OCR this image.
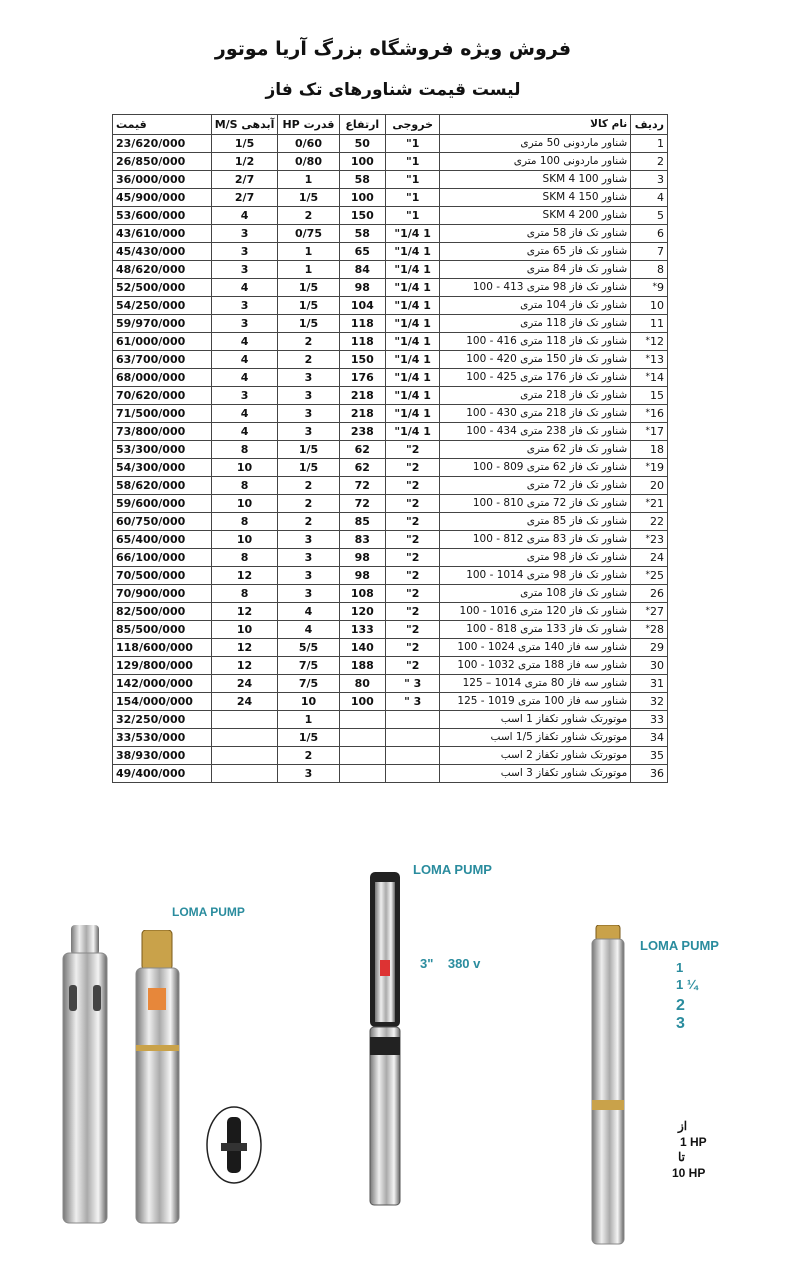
فروش ویژه فروشگاه بزرگ آریا موتور
لیست قیمت شناورهای تک فاز
ردیف	نام کالا	خروجی	ارتفاع	قدرت HP	آبدهی M/S	قیمت
1	شناور ماردونی 50 متری	1"	50	0/60	1/5	23/620/000
2	شناور ماردونی 100 متری	1"	100	0/80	1/2	26/850/000
3	شناور 100 4 SKM	1"	58	1	2/7	36/000/000
4	شناور 150 4 SKM	1"	100	1/5	2/7	45/900/000
5	شناور 200 4 SKM	1"	150	2	4	53/600/000
6	شناور تک فاز 58 متری	1 1/4"	58	0/75	3	43/610/000
7	شناور تک فاز 65 متری	1 1/4"	65	1	3	45/430/000
8	شناور تک فاز 84 متری	1 1/4"	84	1	3	48/620/000
9*	شناور تک فاز 98 متری 413 - 100	1 1/4"	98	1/5	4	52/500/000
10	شناور تک فاز 104 متری	1 1/4"	104	1/5	3	54/250/000
11	شناور تک فاز 118 متری	1 1/4"	118	1/5	3	59/970/000
12*	شناور تک فاز 118 متری 416 - 100	1 1/4"	118	2	4	61/000/000
13*	شناور تک فاز 150 متری 420 - 100	1 1/4"	150	2	4	63/700/000
14*	شناور تک فاز 176 متری 425 - 100	1 1/4"	176	3	4	68/000/000
15	شناور تک فاز 218 متری	1 1/4"	218	3	3	70/620/000
16*	شناور تک فاز 218 متری 430 - 100	1 1/4"	218	3	4	71/500/000
17*	شناور تک فاز 238 متری 434 - 100	1 1/4"	238	3	4	73/800/000
18	شناور تک فاز 62 متری	2"	62	1/5	8	53/300/000
19*	شناور تک فاز 62 متری 809 - 100	2"	62	1/5	10	54/300/000
20	شناور تک فاز 72 متری	2"	72	2	8	58/620/000
21*	شناور تک فاز 72 متری 810 - 100	2"	72	2	10	59/600/000
22	شناور تک فاز 85 متری	2"	85	2	8	60/750/000
23*	شناور تک فاز 83 متری 812 - 100	2"	83	3	10	65/400/000
24	شناور تک فاز 98 متری	2"	98	3	8	66/100/000
25*	شناور تک فاز 98 متری 1014 - 100	2"	98	3	12	70/500/000
26	شناور تک فاز 108 متری	2"	108	3	8	70/900/000
27*	شناور تک فاز 120 متری 1016 - 100	2"	120	4	12	82/500/000
28*	شناور تک فاز 133 متری 818 - 100	2"	133	4	10	85/500/000
29	شناور سه فاز 140 متری 1024 - 100	2"	140	5/5	12	118/600/000
30	شناور سه فاز 188 متری 1032 - 100	2"	188	7/5	12	129/800/000
31	شناور سه فاز 80 متری 1014 – 125	3 "	80	7/5	24	142/000/000
32	شناور سه فاز 100 متری 1019 - 125	3 "	100	10	24	154/000/000
33	موتورتک شناور تکفاز 1 اسب			1		32/250/000
34	موتورتک شناور تکفاز 1/5 اسب			1/5		33/530/000
35	موتورتک شناور تکفاز 2 اسب			2		38/930/000
36	موتورتک شناور تکفاز 3 اسب			3		49/400/000
LOMA PUMP
LOMA PUMP
3"    380 v
LOMA PUMP
1
1 ¼
2
3
از
1 HP
تا
10 HP
